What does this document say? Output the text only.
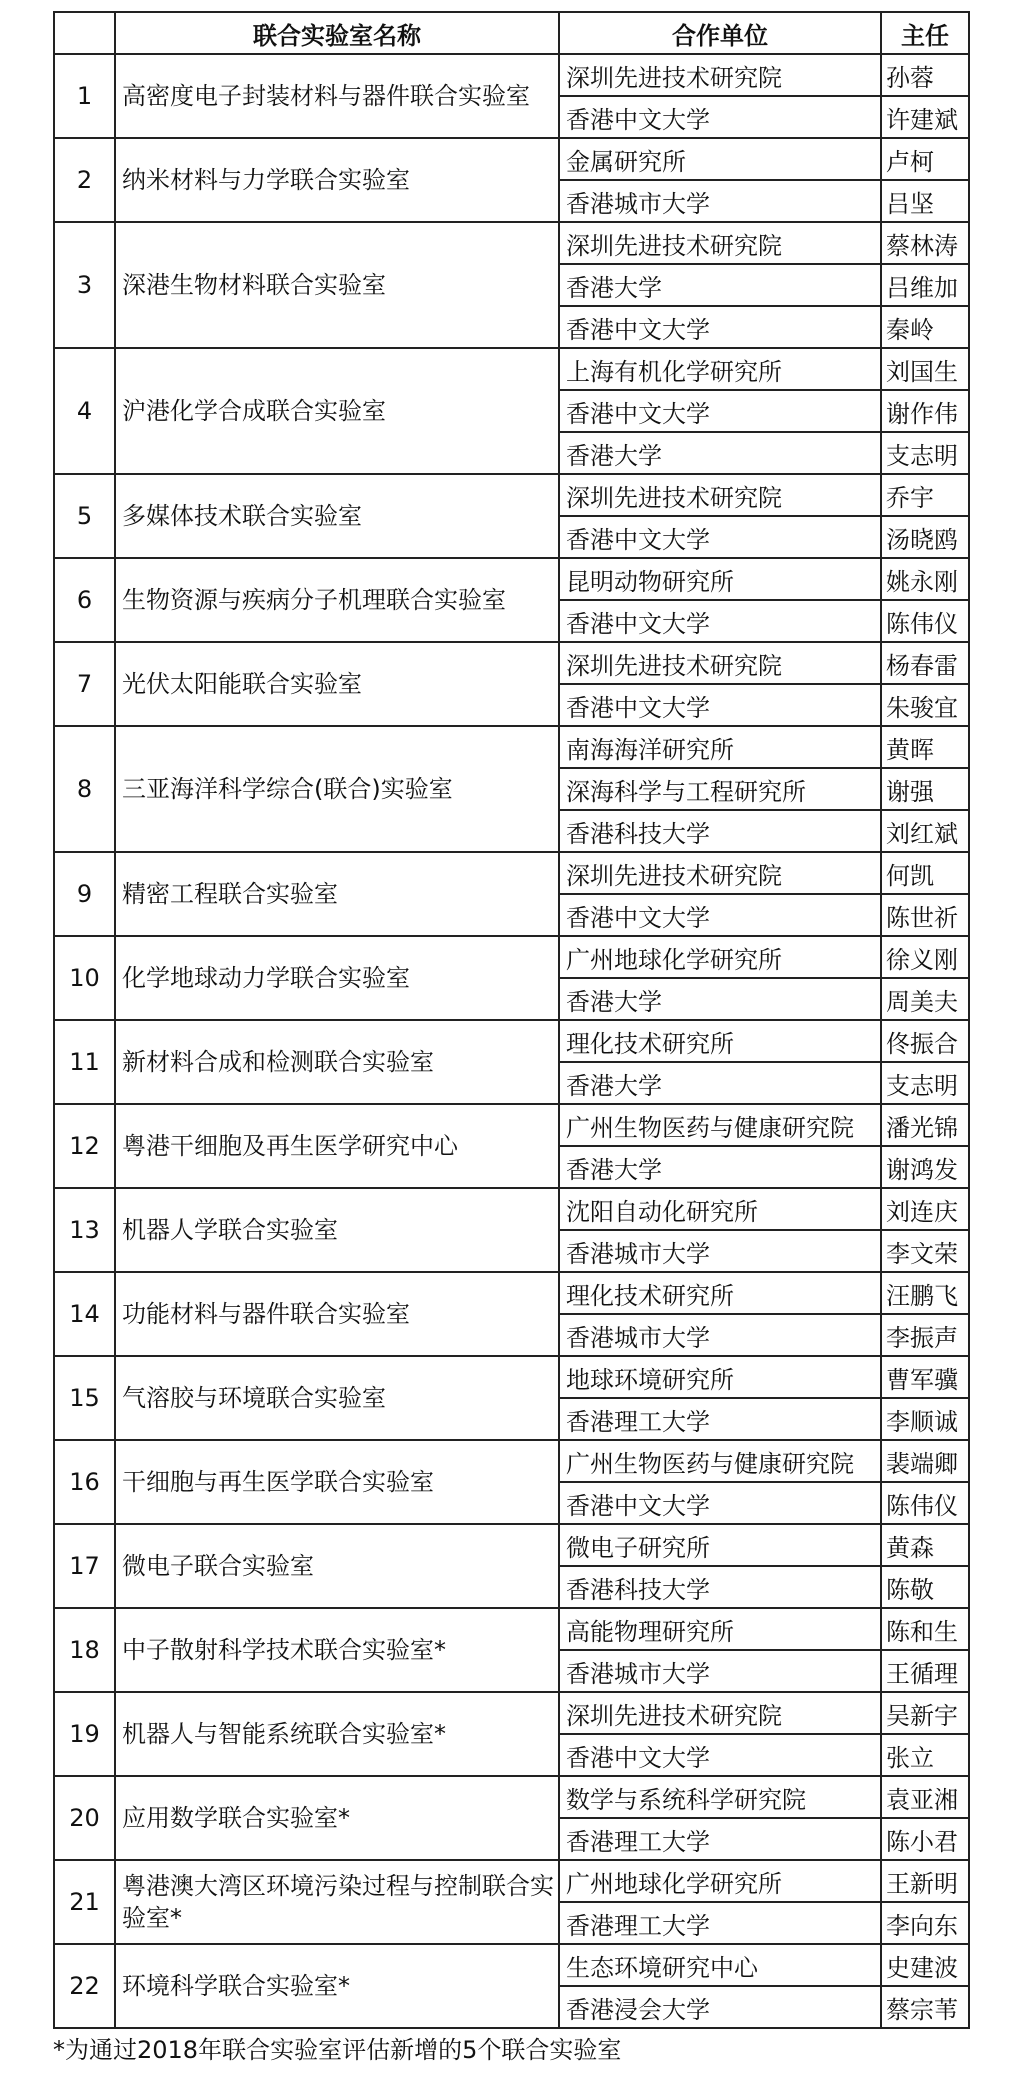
	联合实验室名称	合作单位	主任
1	高密度电子封装材料与器件联合实验室	深圳先进技术研究院	孙蓉
		香港中文大学	许建斌
2	纳米材料与力学联合实验室	金属研究所	卢柯
		香港城市大学	吕坚
3	深港生物材料联合实验室	深圳先进技术研究院	蔡林涛
		香港大学	吕维加
		香港中文大学	秦岭
4	沪港化学合成联合实验室	上海有机化学研究所	刘国生
		香港中文大学	谢作伟
		香港大学	支志明
5	多媒体技术联合实验室	深圳先进技术研究院	乔宇
		香港中文大学	汤晓鸥
6	生物资源与疾病分子机理联合实验室	昆明动物研究所	姚永刚
		香港中文大学	陈伟仪
7	光伏太阳能联合实验室	深圳先进技术研究院	杨春雷
		香港中文大学	朱骏宜
8	三亚海洋科学综合(联合)实验室	南海海洋研究所	黄晖
		深海科学与工程研究所	谢强
		香港科技大学	刘红斌
9	精密工程联合实验室	深圳先进技术研究院	何凯
		香港中文大学	陈世祈
10	化学地球动力学联合实验室	广州地球化学研究所	徐义刚
		香港大学	周美夫
11	新材料合成和检测联合实验室	理化技术研究所	佟振合
		香港大学	支志明
12	粤港干细胞及再生医学研究中心	广州生物医药与健康研究院	潘光锦
		香港大学	谢鸿发
13	机器人学联合实验室	沈阳自动化研究所	刘连庆
		香港城市大学	李文荣
14	功能材料与器件联合实验室	理化技术研究所	汪鹏飞
		香港城市大学	李振声
15	气溶胶与环境联合实验室	地球环境研究所	曹军骥
		香港理工大学	李顺诚
16	干细胞与再生医学联合实验室	广州生物医药与健康研究院	裴端卿
		香港中文大学	陈伟仪
17	微电子联合实验室	微电子研究所	黄森
		香港科技大学	陈敬
18	中子散射科学技术联合实验室*	高能物理研究所	陈和生
		香港城市大学	王循理
19	机器人与智能系统联合实验室*	深圳先进技术研究院	吴新宇
		香港中文大学	张立
20	应用数学联合实验室*	数学与系统科学研究院	袁亚湘
		香港理工大学	陈小君
21	粤港澳大湾区环境污染过程与控制联合实验室*	广州地球化学研究所	王新明
		香港理工大学	李向东
22	环境科学联合实验室*	生态环境研究中心	史建波
		香港浸会大学	蔡宗苇
*为通过2018年联合实验室评估新增的5个联合实验室
